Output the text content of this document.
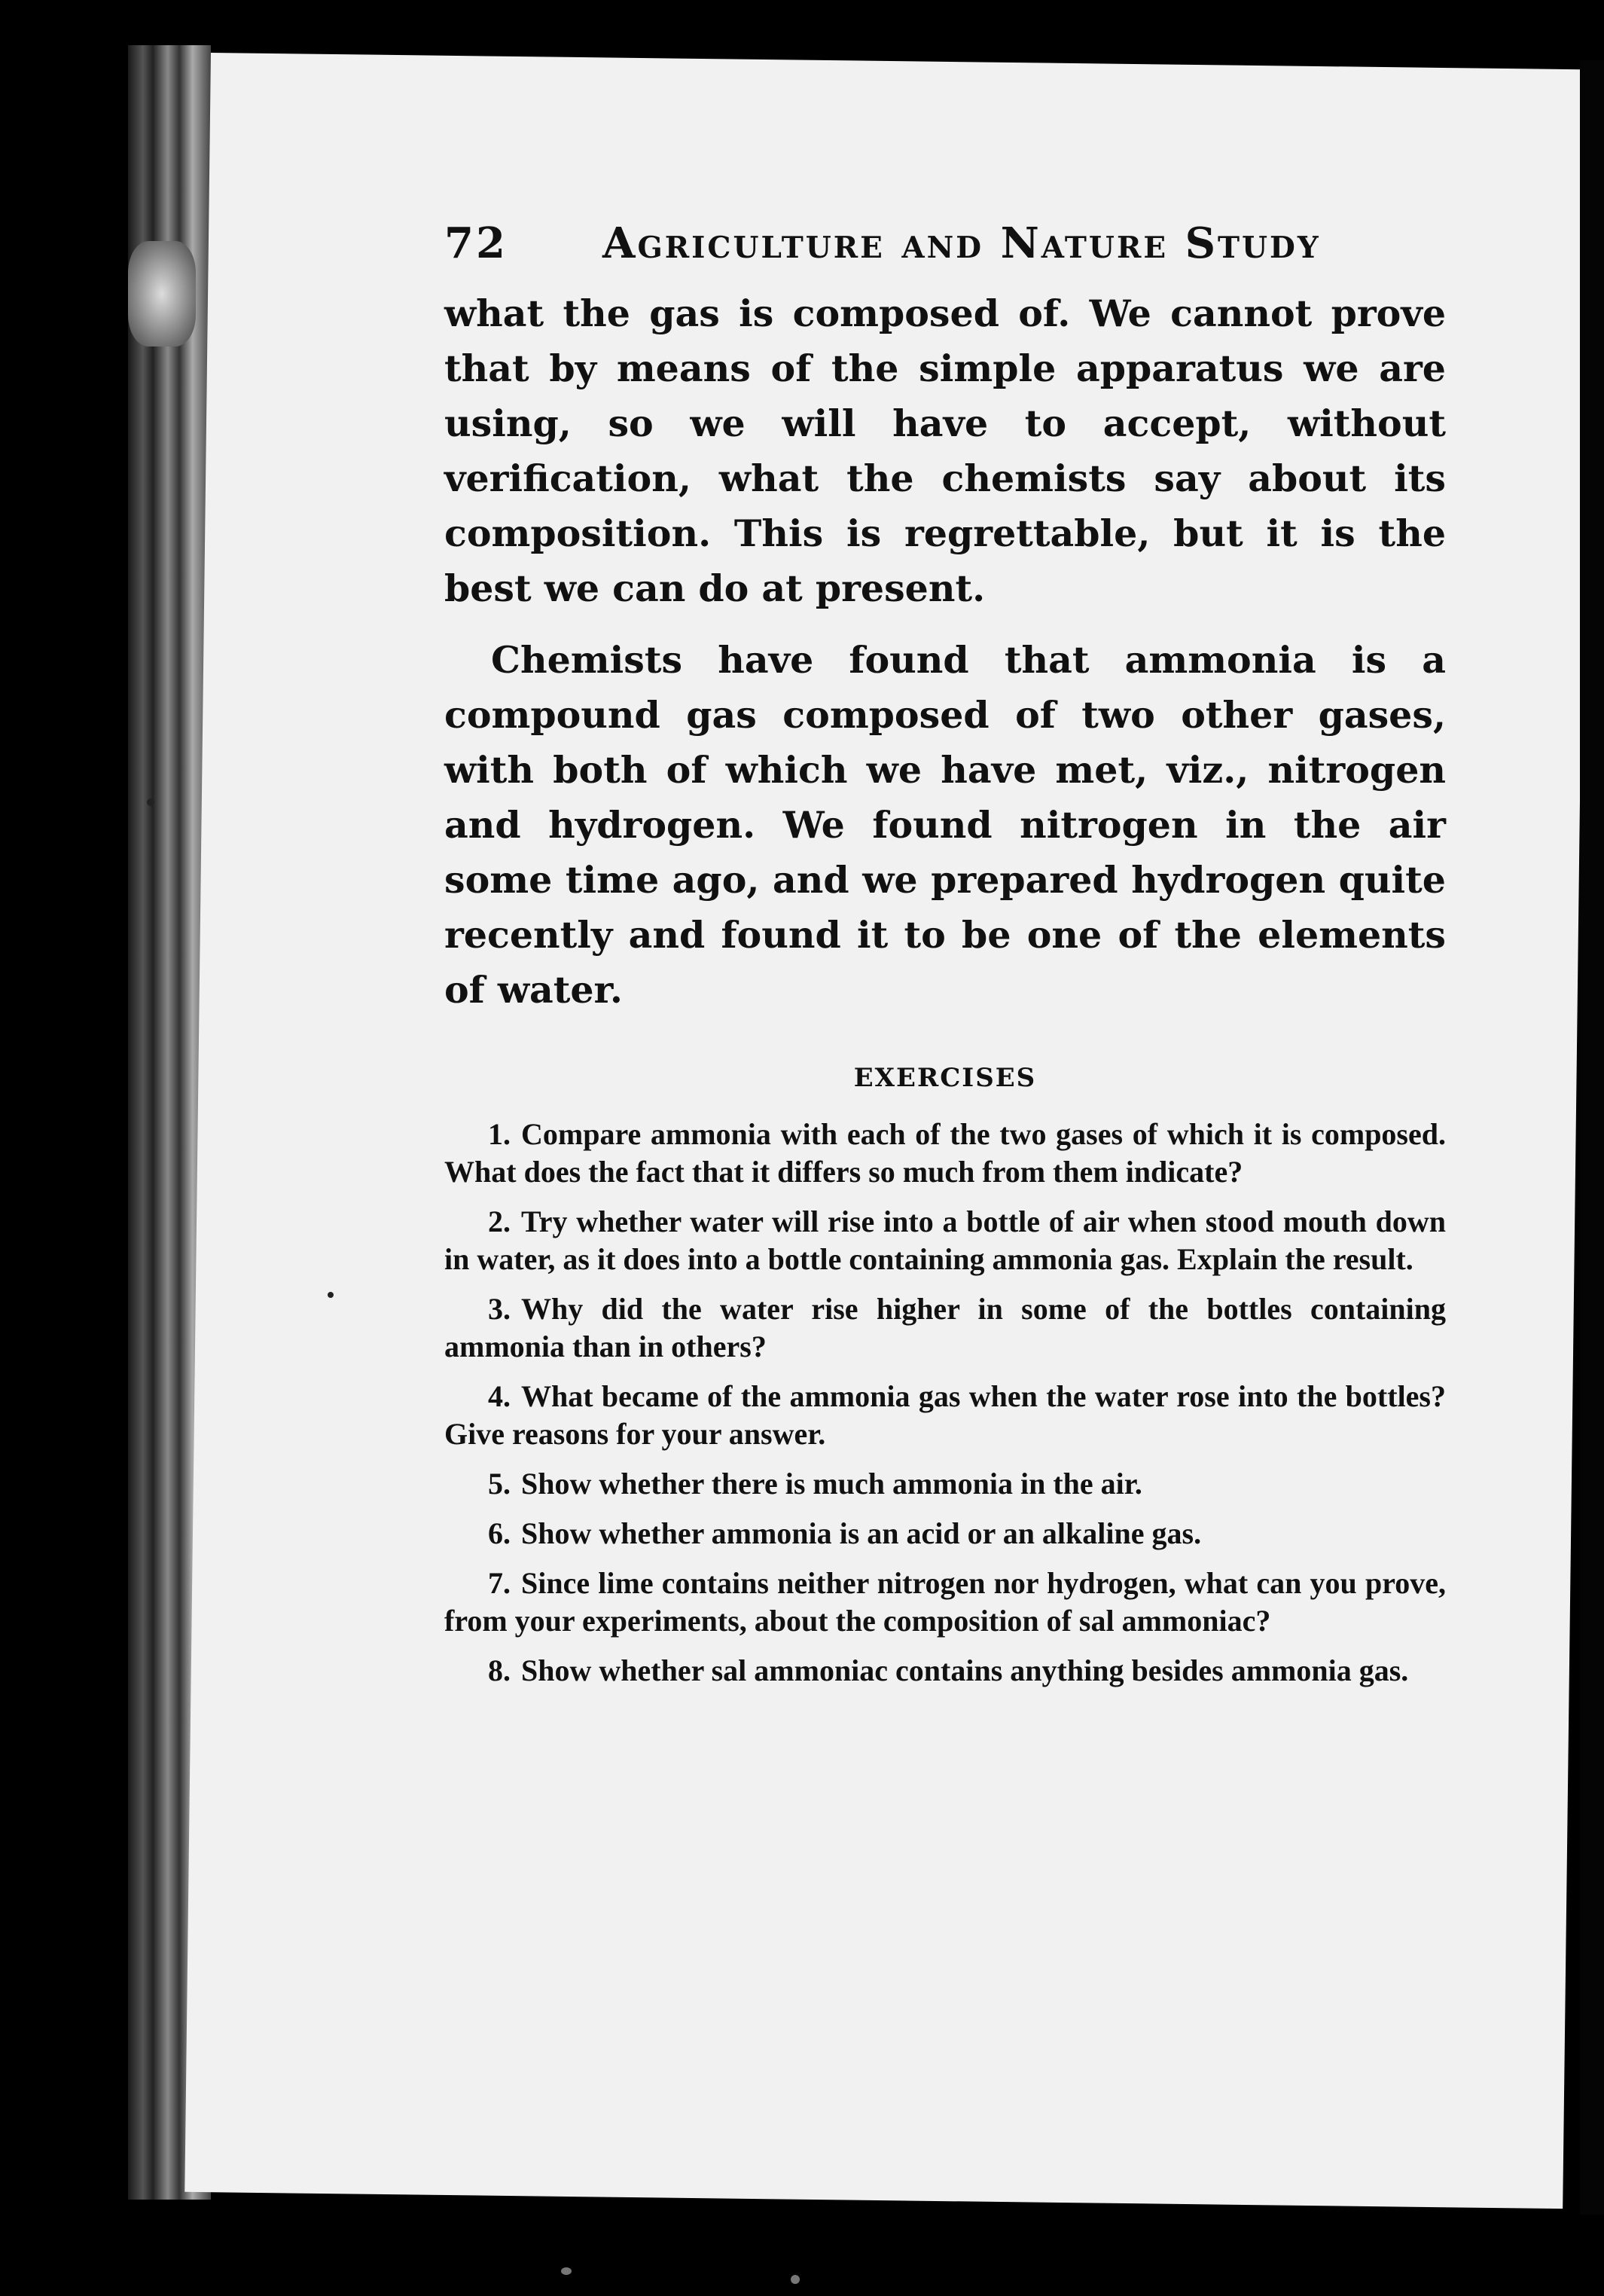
72	Agriculture and Nature Study

what the gas is composed of. We cannot prove that by means of the simple apparatus we are using, so we will have to accept, without verification, what the chemists say about its composition. This is regrettable, but it is the best we can do at present.

Chemists have found that ammonia is a compound gas composed of two other gases, with both of which we have met, viz., nitrogen and hydrogen. We found nitrogen in the air some time ago, and we prepared hydrogen quite recently and found it to be one of the elements of water.

EXERCISES

1. Compare ammonia with each of the two gases of which it is composed. What does the fact that it differs so much from them indicate?

2. Try whether water will rise into a bottle of air when stood mouth down in water, as it does into a bottle containing ammonia gas. Explain the result.

3. Why did the water rise higher in some of the bottles containing ammonia than in others?

4. What became of the ammonia gas when the water rose into the bottles? Give reasons for your answer.

5. Show whether there is much ammonia in the air.

6. Show whether ammonia is an acid or an alkaline gas.

7. Since lime contains neither nitrogen nor hydrogen, what can you prove, from your experiments, about the composition of sal ammoniac?

8. Show whether sal ammoniac contains anything besides ammonia gas.
